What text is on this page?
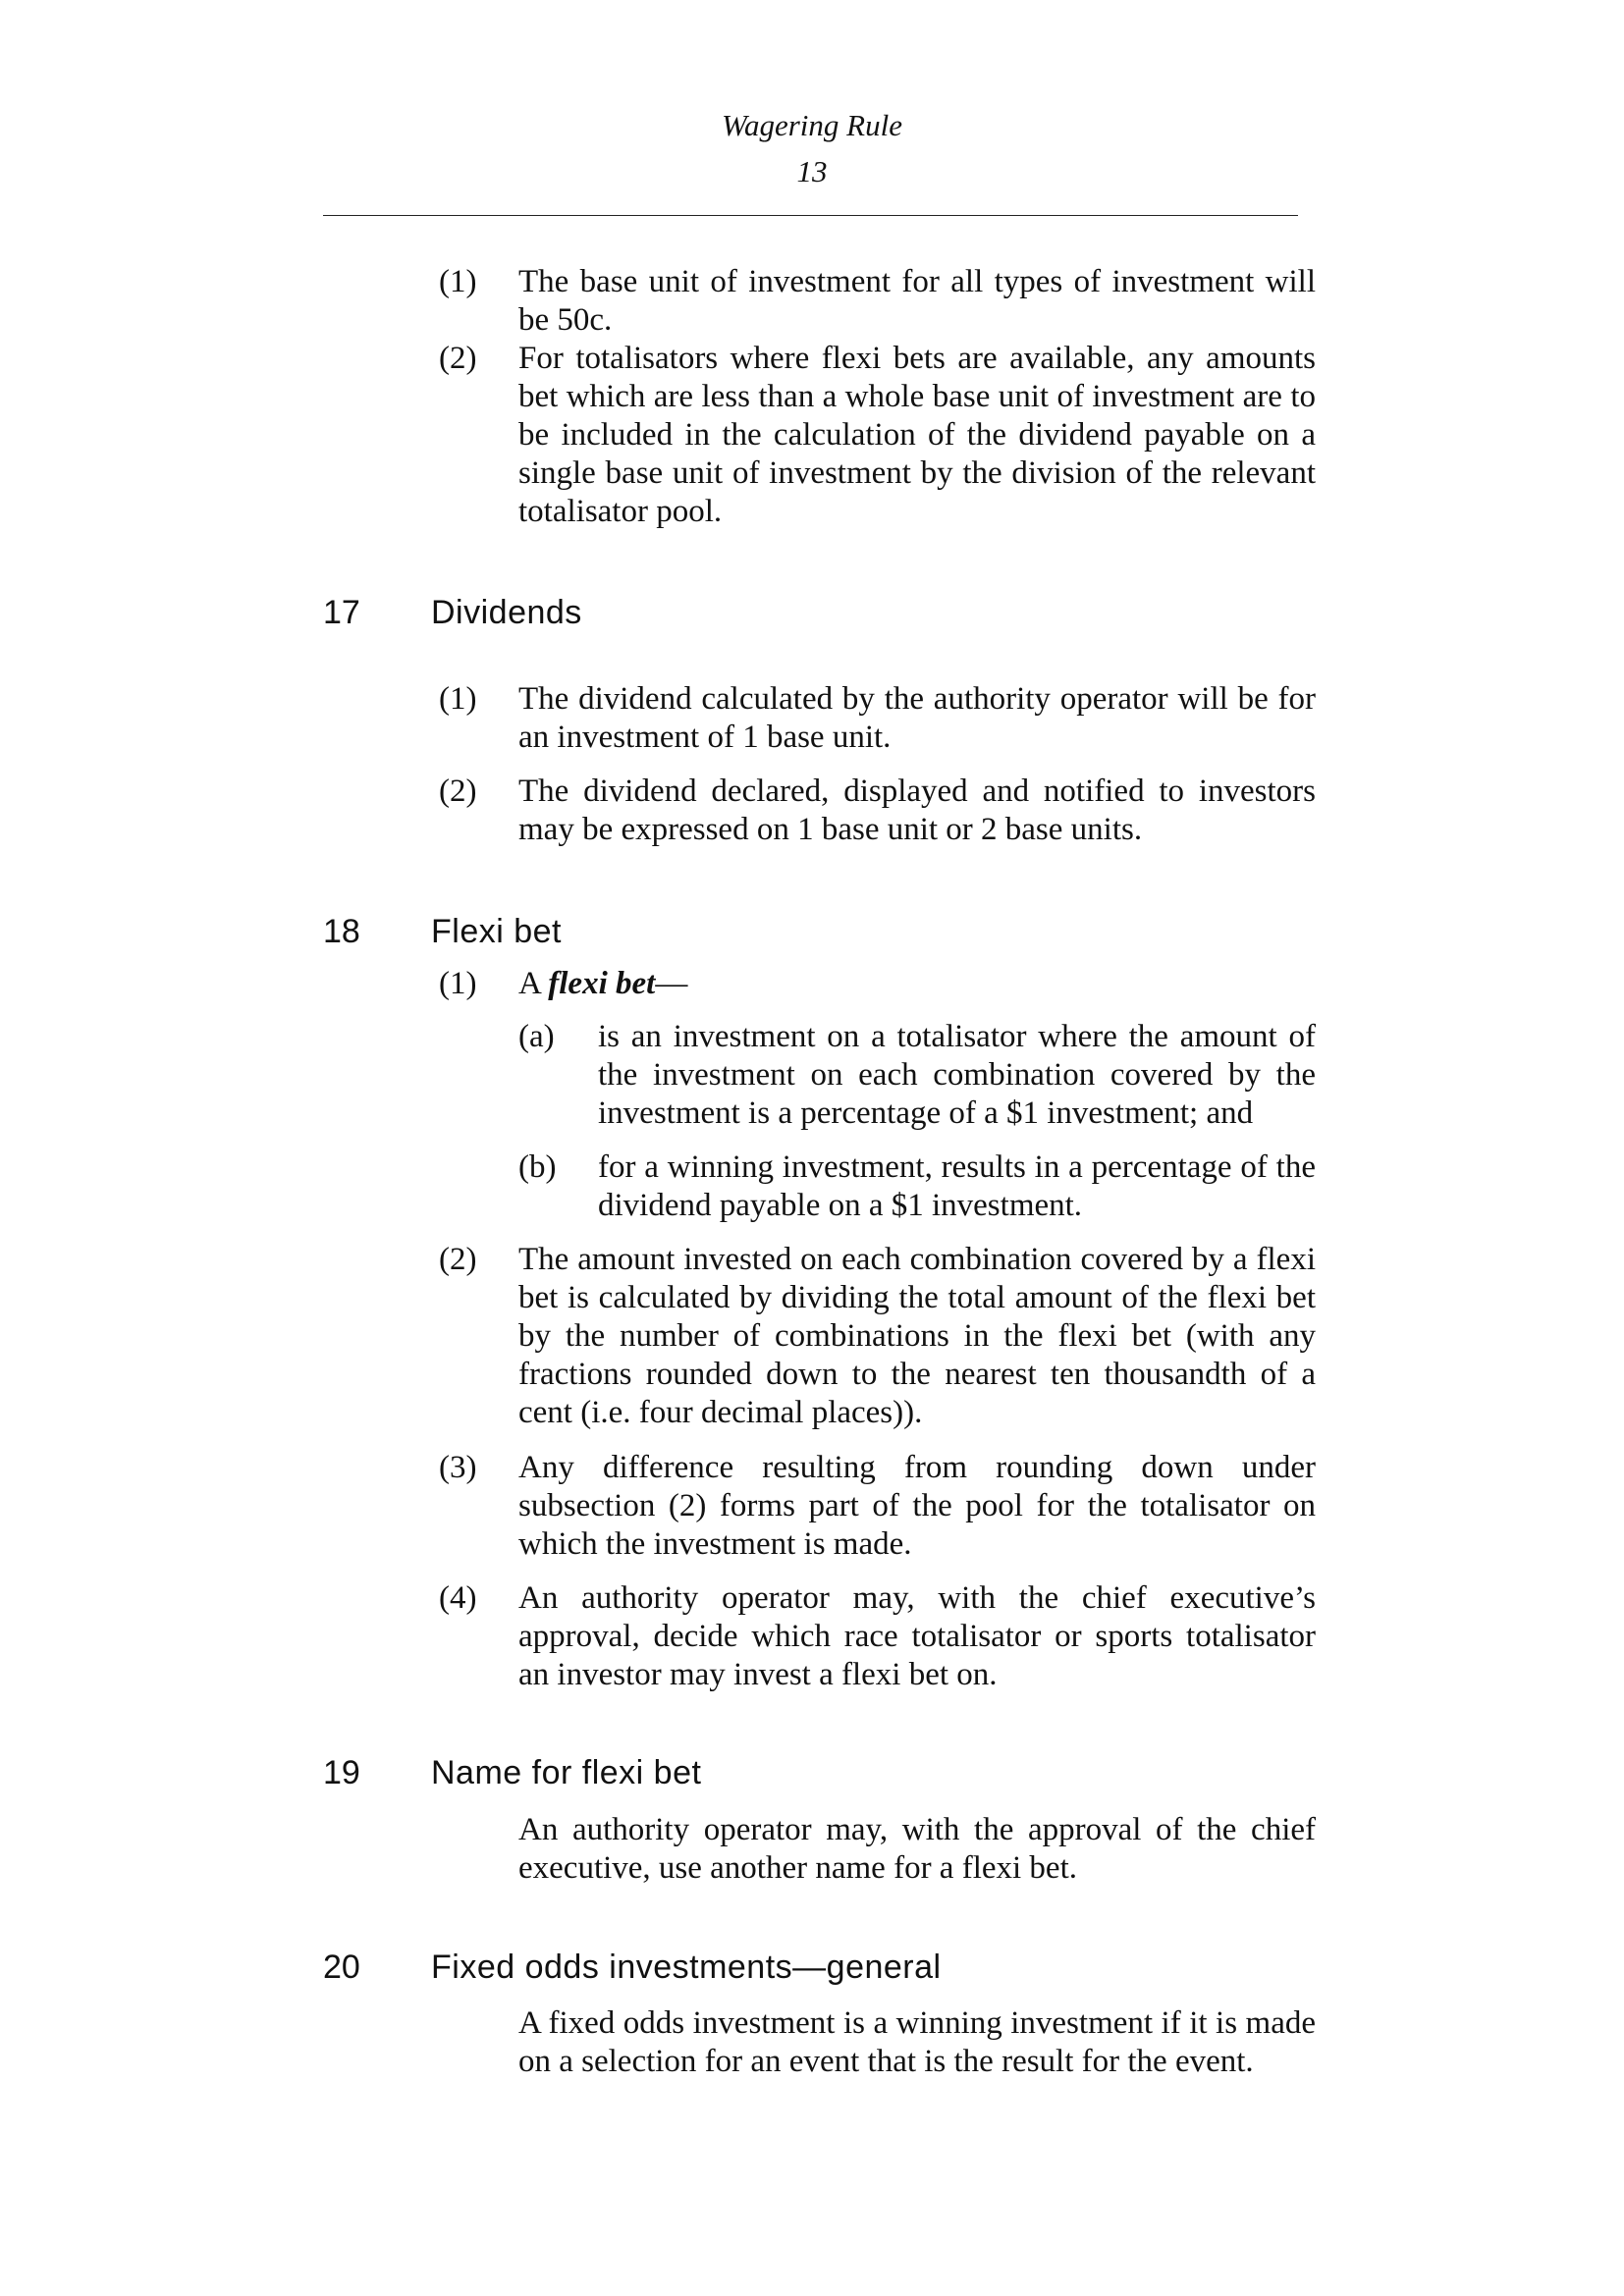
Wagering Rule
13
(1)	The base unit of investment for all types of investment will be 50c.
(2)	For totalisators where flexi bets are available, any amounts bet which are less than a whole base unit of investment are to be included in the calculation of the dividend payable on a single base unit of investment by the division of the relevant totalisator pool.
17 Dividends
(1)	The dividend calculated by the authority operator will be for an investment of 1 base unit.
(2)	The dividend declared, displayed and notified to investors may be expressed on 1 base unit or 2 base units.
18 Flexi bet
(1)	A flexi bet—
(a)	is an investment on a totalisator where the amount of the investment on each combination covered by the investment is a percentage of a $1 investment; and
(b)	for a winning investment, results in a percentage of the dividend payable on a $1 investment.
(2)	The amount invested on each combination covered by a flexi bet is calculated by dividing the total amount of the flexi bet by the number of combinations in the flexi bet (with any fractions rounded down to the nearest ten thousandth of a cent (i.e. four decimal places)).
(3)	Any difference resulting from rounding down under subsection (2) forms part of the pool for the totalisator on which the investment is made.
(4)	An authority operator may, with the chief executive’s approval, decide which race totalisator or sports totalisator an investor may invest a flexi bet on.
19 Name for flexi bet
An authority operator may, with the approval of the chief executive, use another name for a flexi bet.
20 Fixed odds investments—general
A fixed odds investment is a winning investment if it is made on a selection for an event that is the result for the event.
